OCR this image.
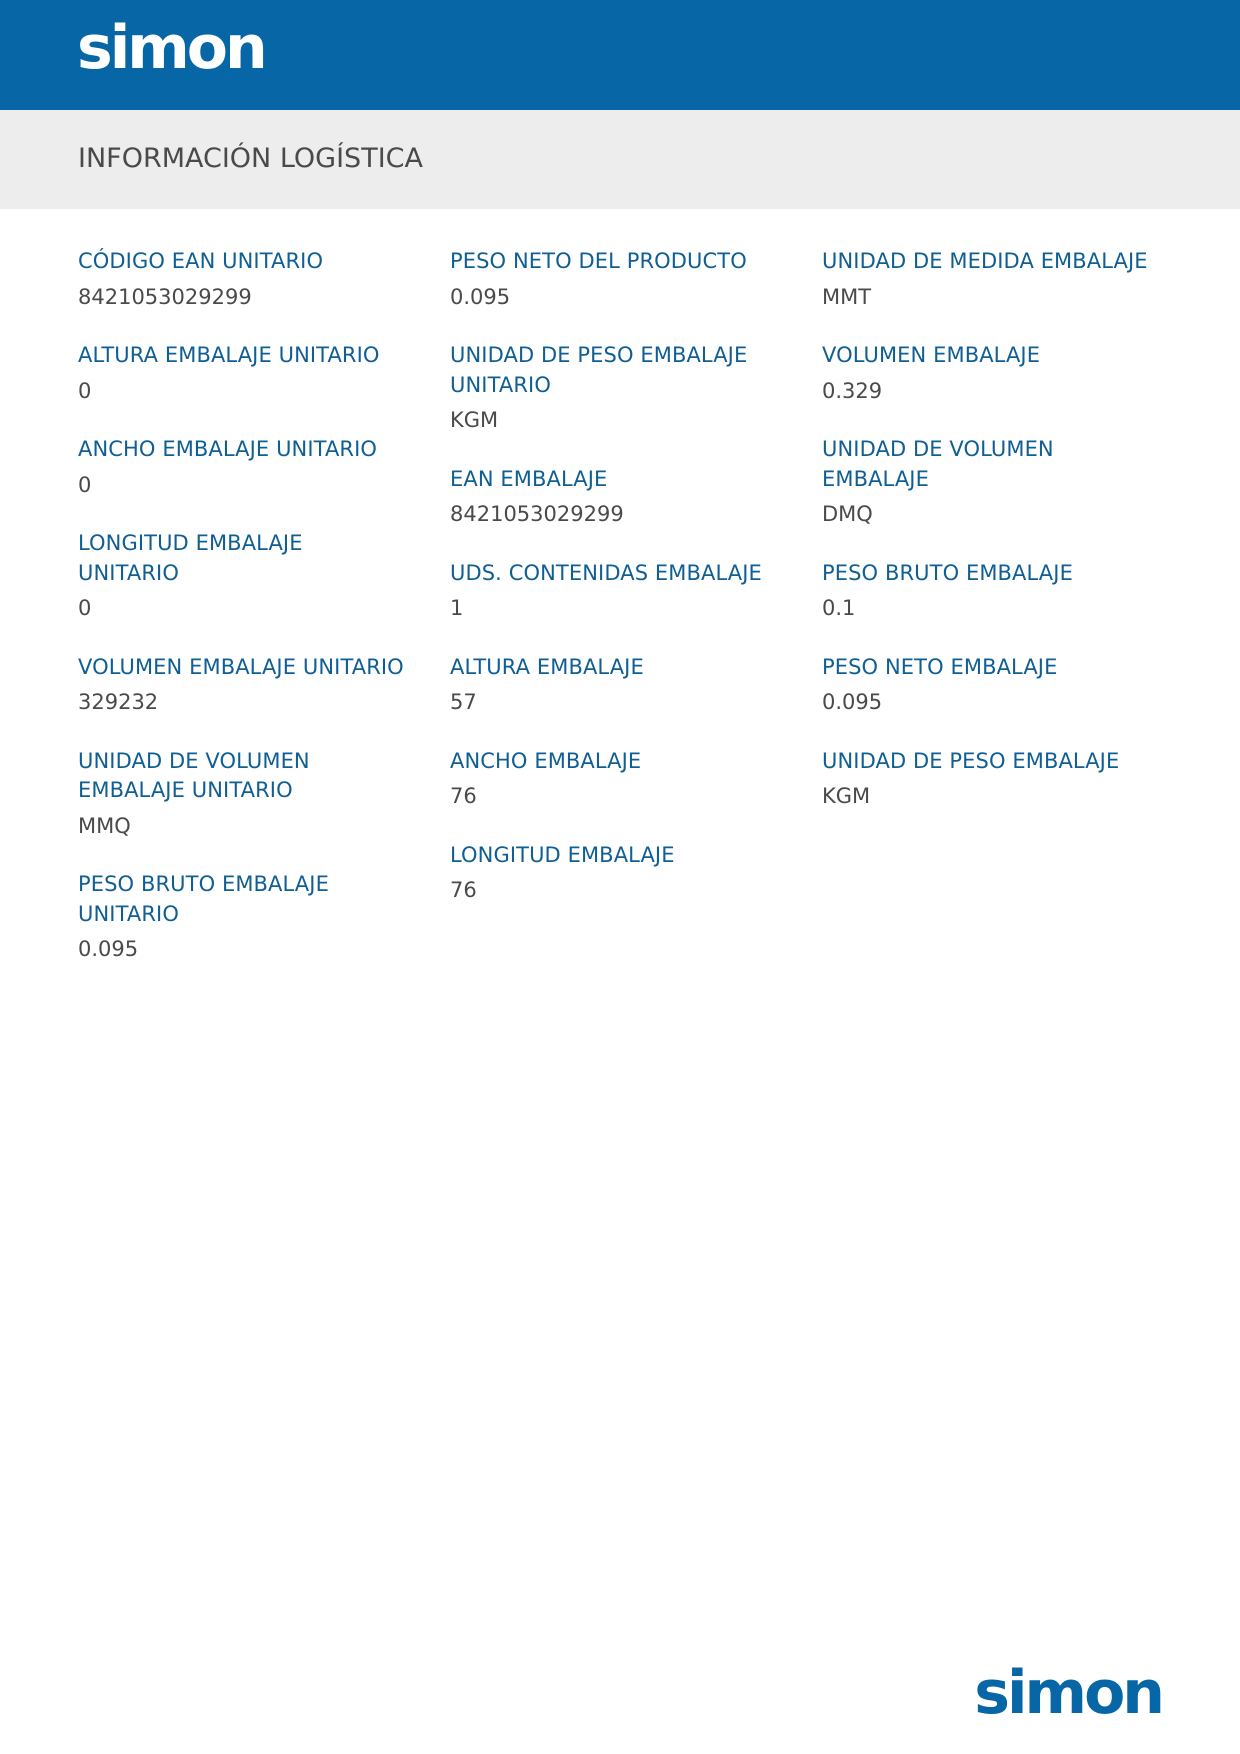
simon
INFORMACIÓN LOGÍSTICA
CÓDIGO EAN UNITARIO
8421053029299
ALTURA EMBALAJE UNITARIO
0
ANCHO EMBALAJE UNITARIO
0
LONGITUD EMBALAJE UNITARIO
0
VOLUMEN EMBALAJE UNITARIO
329232
UNIDAD DE VOLUMEN EMBALAJE UNITARIO
MMQ
PESO BRUTO EMBALAJE UNITARIO
0.095
PESO NETO DEL PRODUCTO
0.095
UNIDAD DE PESO EMBALAJE UNITARIO
KGM
EAN EMBALAJE
8421053029299
UDS. CONTENIDAS EMBALAJE
1
ALTURA EMBALAJE
57
ANCHO EMBALAJE
76
LONGITUD EMBALAJE
76
UNIDAD DE MEDIDA EMBALAJE
MMT
VOLUMEN EMBALAJE
0.329
UNIDAD DE VOLUMEN EMBALAJE
DMQ
PESO BRUTO EMBALAJE
0.1
PESO NETO EMBALAJE
0.095
UNIDAD DE PESO EMBALAJE
KGM
simon
